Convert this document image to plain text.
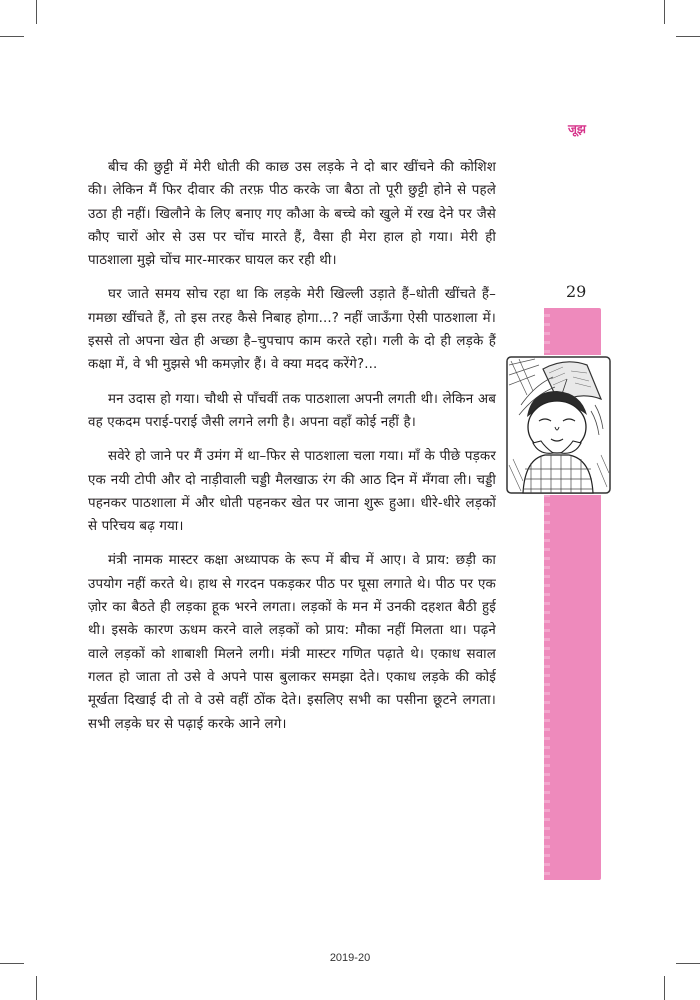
जूझ
29

बीच की छुट्टी में मेरी धोती की काछ उस लड़के ने दो बार खींचने की कोशिश की। लेकिन मैं फिर दीवार की तरफ़ पीठ करके जा बैठा तो पूरी छुट्टी होने से पहले उठा ही नहीं। खिलौने के लिए बनाए गए कौआ के बच्चे को खुले में रख देने पर जैसे कौए चारों ओर से उस पर चोंच मारते हैं, वैसा ही मेरा हाल हो गया। मेरी ही पाठशाला मुझे चोंच मार-मारकर घायल कर रही थी।

घर जाते समय सोच रहा था कि लड़के मेरी खिल्ली उड़ाते हैं–धोती खींचते हैं–गमछा खींचते हैं, तो इस तरह कैसे निबाह होगा...? नहीं जाऊँगा ऐसी पाठशाला में। इससे तो अपना खेत ही अच्छा है–चुपचाप काम करते रहो। गली के दो ही लड़के हैं कक्षा में, वे भी मुझसे भी कमज़ोर हैं। वे क्या मदद करेंगे?...

मन उदास हो गया। चौथी से पाँचवीं तक पाठशाला अपनी लगती थी। लेकिन अब वह एकदम पराई-पराई जैसी लगने लगी है। अपना वहाँ कोई नहीं है।

सवेरे हो जाने पर मैं उमंग में था–फिर से पाठशाला चला गया। माँ के पीछे पड़कर एक नयी टोपी और दो नाड़ीवाली चड्डी मैलखाऊ रंग की आठ दिन में मँगवा ली। चड्डी पहनकर पाठशाला में और धोती पहनकर खेत पर जाना शुरू हुआ। धीरे-धीरे लड़कों से परिचय बढ़ गया।

मंत्री नामक मास्टर कक्षा अध्यापक के रूप में बीच में आए। वे प्राय: छड़ी का उपयोग नहीं करते थे। हाथ से गरदन पकड़कर पीठ पर घूसा लगाते थे। पीठ पर एक ज़ोर का बैठते ही लड़का हूक भरने लगता। लड़कों के मन में उनकी दहशत बैठी हुई थी। इसके कारण ऊधम करने वाले लड़कों को प्राय: मौका नहीं मिलता था। पढ़ने वाले लड़कों को शाबाशी मिलने लगी। मंत्री मास्टर गणित पढ़ाते थे। एकाध सवाल गलत हो जाता तो उसे वे अपने पास बुलाकर समझा देते। एकाध लड़के की कोई मूर्खता दिखाई दी तो वे उसे वहीं ठोंक देते। इसलिए सभी का पसीना छूटने लगता। सभी लड़के घर से पढ़ाई करके आने लगे।

2019-20
